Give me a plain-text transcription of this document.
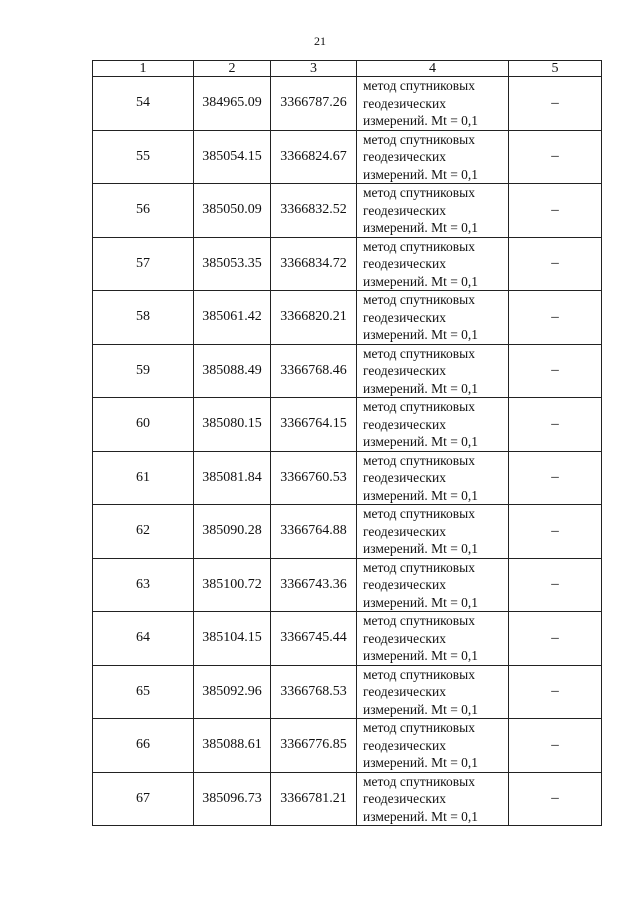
21
1	2	3	4	5
54	384965.09	3366787.26	метод спутниковых
геодезических
измерений. Mt = 0,1	–
55	385054.15	3366824.67	метод спутниковых
геодезических
измерений. Mt = 0,1	–
56	385050.09	3366832.52	метод спутниковых
геодезических
измерений. Mt = 0,1	–
57	385053.35	3366834.72	метод спутниковых
геодезических
измерений. Mt = 0,1	–
58	385061.42	3366820.21	метод спутниковых
геодезических
измерений. Mt = 0,1	–
59	385088.49	3366768.46	метод спутниковых
геодезических
измерений. Mt = 0,1	–
60	385080.15	3366764.15	метод спутниковых
геодезических
измерений. Mt = 0,1	–
61	385081.84	3366760.53	метод спутниковых
геодезических
измерений. Mt = 0,1	–
62	385090.28	3366764.88	метод спутниковых
геодезических
измерений. Mt = 0,1	–
63	385100.72	3366743.36	метод спутниковых
геодезических
измерений. Mt = 0,1	–
64	385104.15	3366745.44	метод спутниковых
геодезических
измерений. Mt = 0,1	–
65	385092.96	3366768.53	метод спутниковых
геодезических
измерений. Mt = 0,1	–
66	385088.61	3366776.85	метод спутниковых
геодезических
измерений. Mt = 0,1	–
67	385096.73	3366781.21	метод спутниковых
геодезических
измерений. Mt = 0,1	–
